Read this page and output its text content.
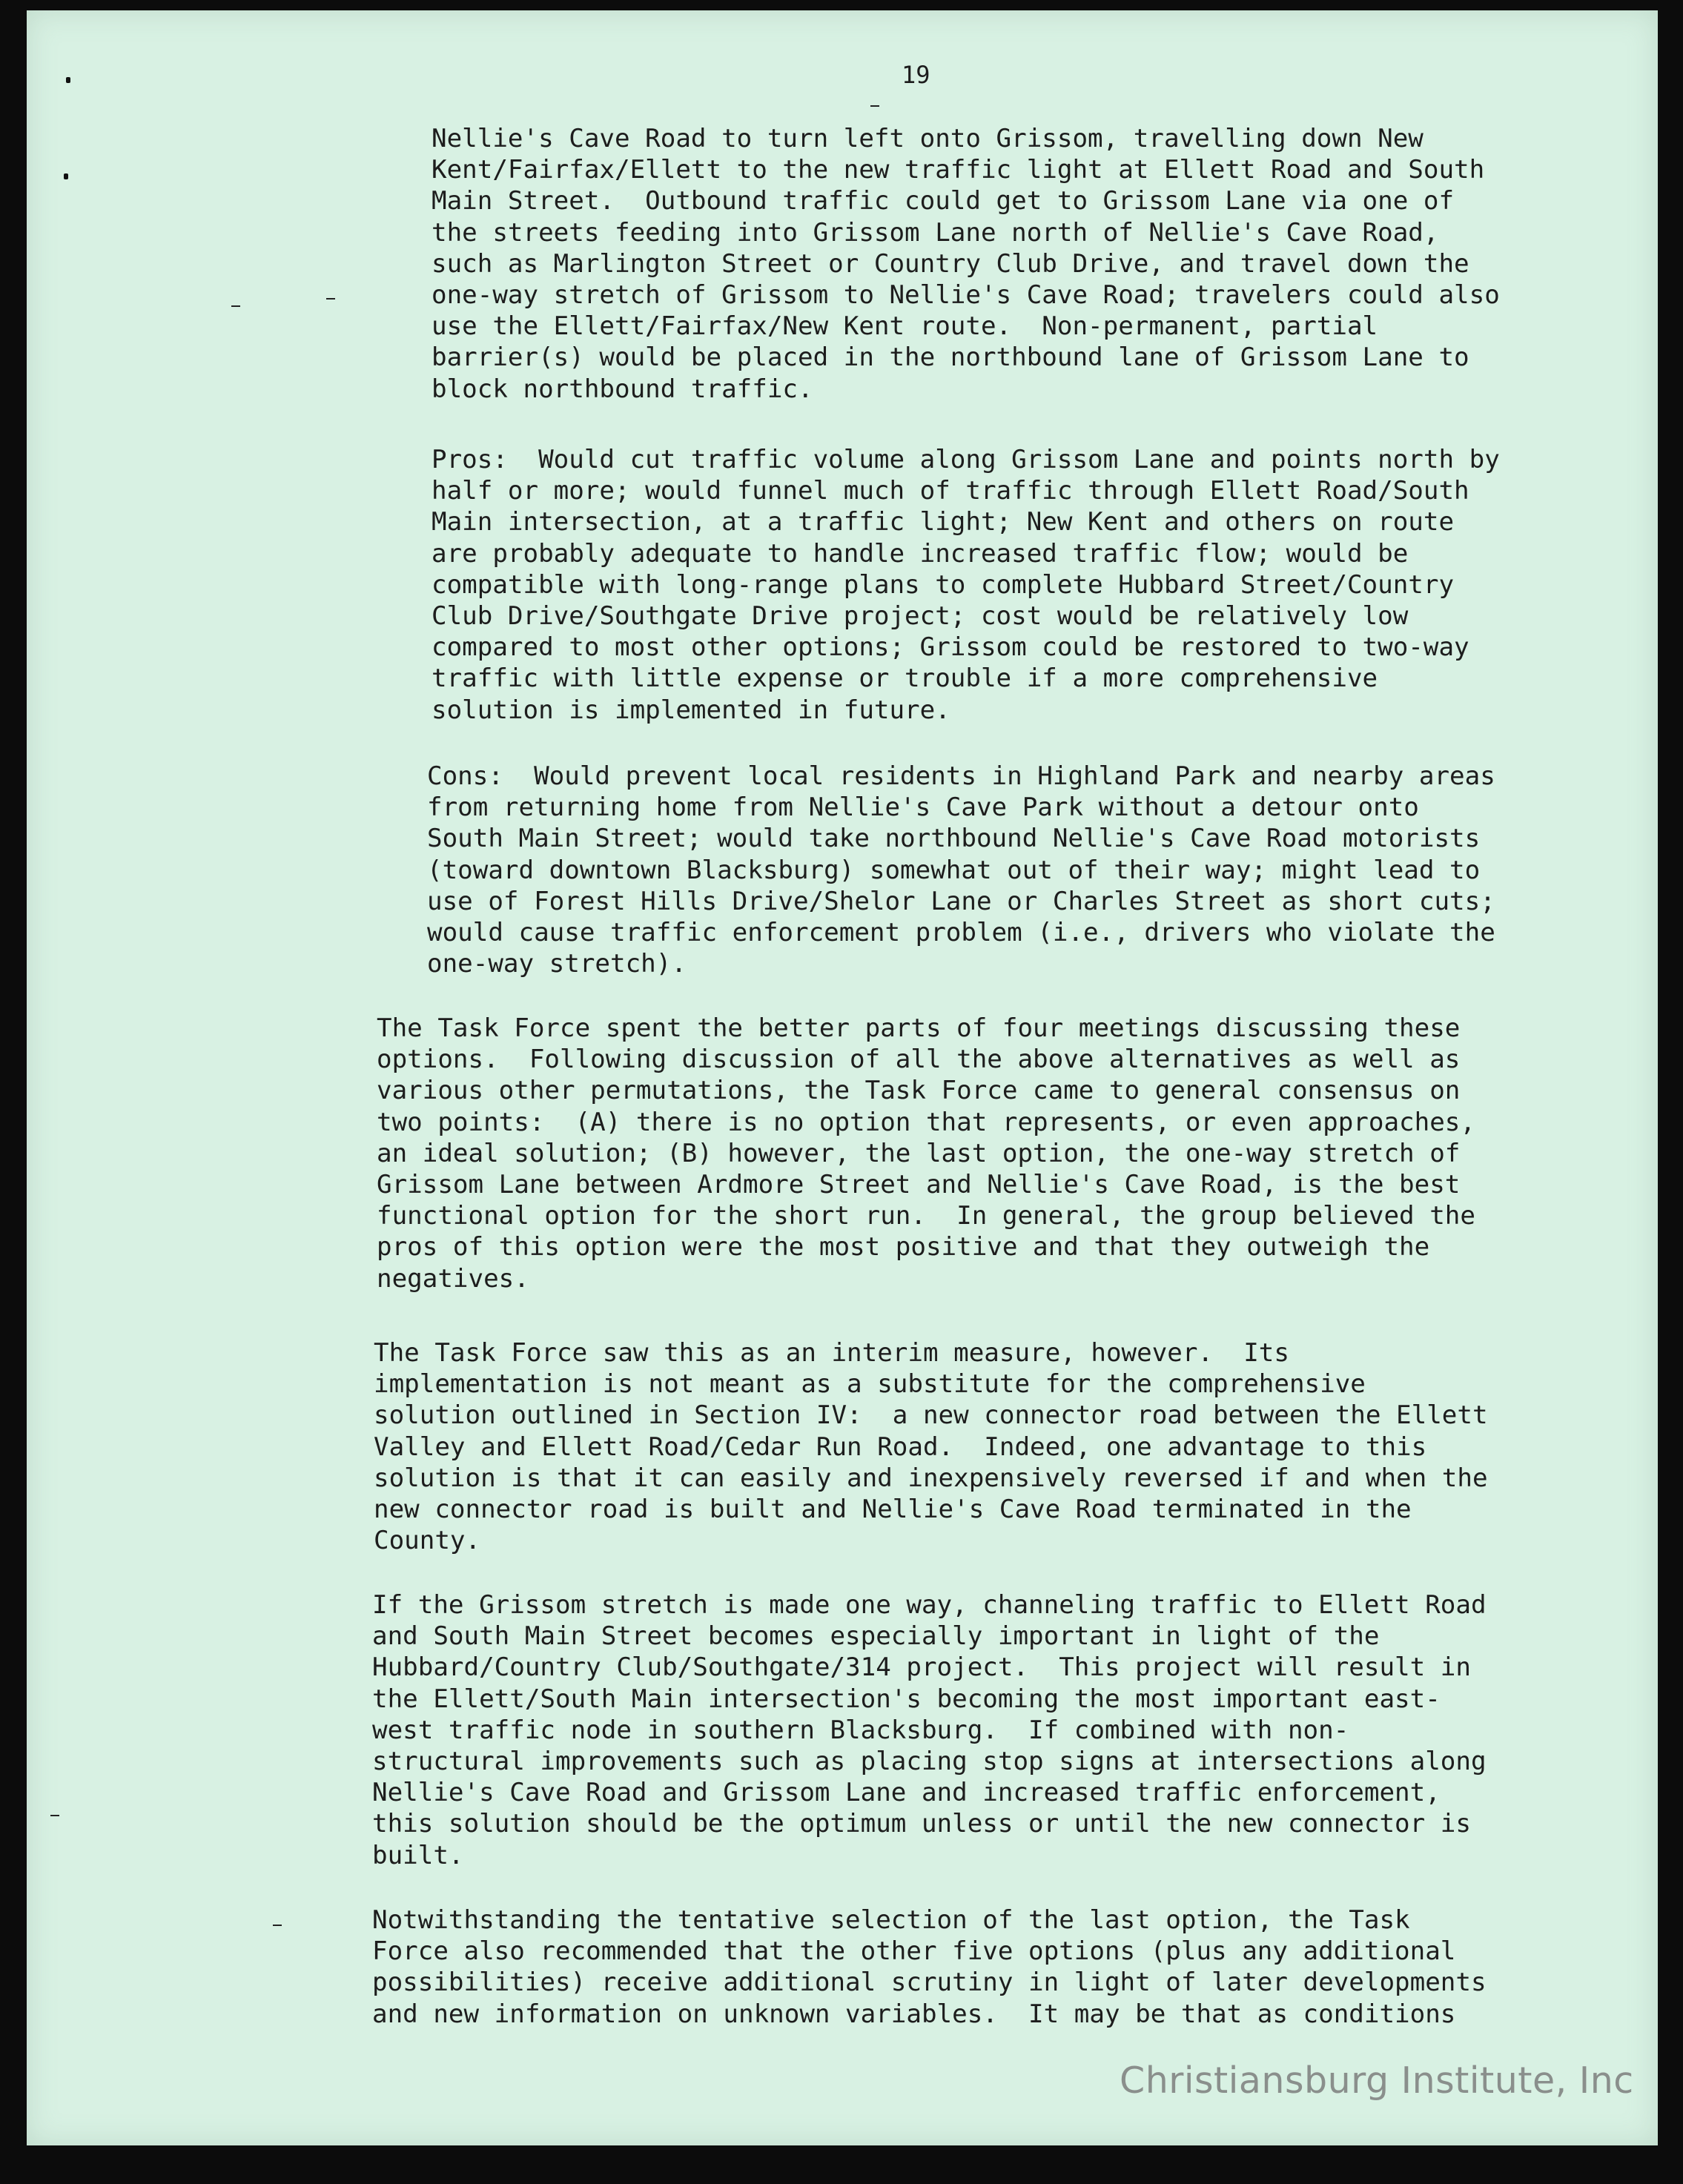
19

Nellie's Cave Road to turn left onto Grissom, travelling down New
Kent/Fairfax/Ellett to the new traffic light at Ellett Road and South
Main Street.  Outbound traffic could get to Grissom Lane via one of
the streets feeding into Grissom Lane north of Nellie's Cave Road,
such as Marlington Street or Country Club Drive, and travel down the
one-way stretch of Grissom to Nellie's Cave Road; travelers could also
use the Ellett/Fairfax/New Kent route.  Non-permanent, partial
barrier(s) would be placed in the northbound lane of Grissom Lane to
block northbound traffic.

Pros:  Would cut traffic volume along Grissom Lane and points north by
half or more; would funnel much of traffic through Ellett Road/South
Main intersection, at a traffic light; New Kent and others on route
are probably adequate to handle increased traffic flow; would be
compatible with long-range plans to complete Hubbard Street/Country
Club Drive/Southgate Drive project; cost would be relatively low
compared to most other options; Grissom could be restored to two-way
traffic with little expense or trouble if a more comprehensive
solution is implemented in future.

Cons:  Would prevent local residents in Highland Park and nearby areas
from returning home from Nellie's Cave Park without a detour onto
South Main Street; would take northbound Nellie's Cave Road motorists
(toward downtown Blacksburg) somewhat out of their way; might lead to
use of Forest Hills Drive/Shelor Lane or Charles Street as short cuts;
would cause traffic enforcement problem (i.e., drivers who violate the
one-way stretch).

The Task Force spent the better parts of four meetings discussing these
options.  Following discussion of all the above alternatives as well as
various other permutations, the Task Force came to general consensus on
two points:  (A) there is no option that represents, or even approaches,
an ideal solution; (B) however, the last option, the one-way stretch of
Grissom Lane between Ardmore Street and Nellie's Cave Road, is the best
functional option for the short run.  In general, the group believed the
pros of this option were the most positive and that they outweigh the
negatives.

The Task Force saw this as an interim measure, however.  Its
implementation is not meant as a substitute for the comprehensive
solution outlined in Section IV:  a new connector road between the Ellett
Valley and Ellett Road/Cedar Run Road.  Indeed, one advantage to this
solution is that it can easily and inexpensively reversed if and when the
new connector road is built and Nellie's Cave Road terminated in the
County.

If the Grissom stretch is made one way, channeling traffic to Ellett Road
and South Main Street becomes especially important in light of the
Hubbard/Country Club/Southgate/314 project.  This project will result in
the Ellett/South Main intersection's becoming the most important east-
west traffic node in southern Blacksburg.  If combined with non-
structural improvements such as placing stop signs at intersections along
Nellie's Cave Road and Grissom Lane and increased traffic enforcement,
this solution should be the optimum unless or until the new connector is
built.

Notwithstanding the tentative selection of the last option, the Task
Force also recommended that the other five options (plus any additional
possibilities) receive additional scrutiny in light of later developments
and new information on unknown variables.  It may be that as conditions

Christiansburg Institute, Inc
